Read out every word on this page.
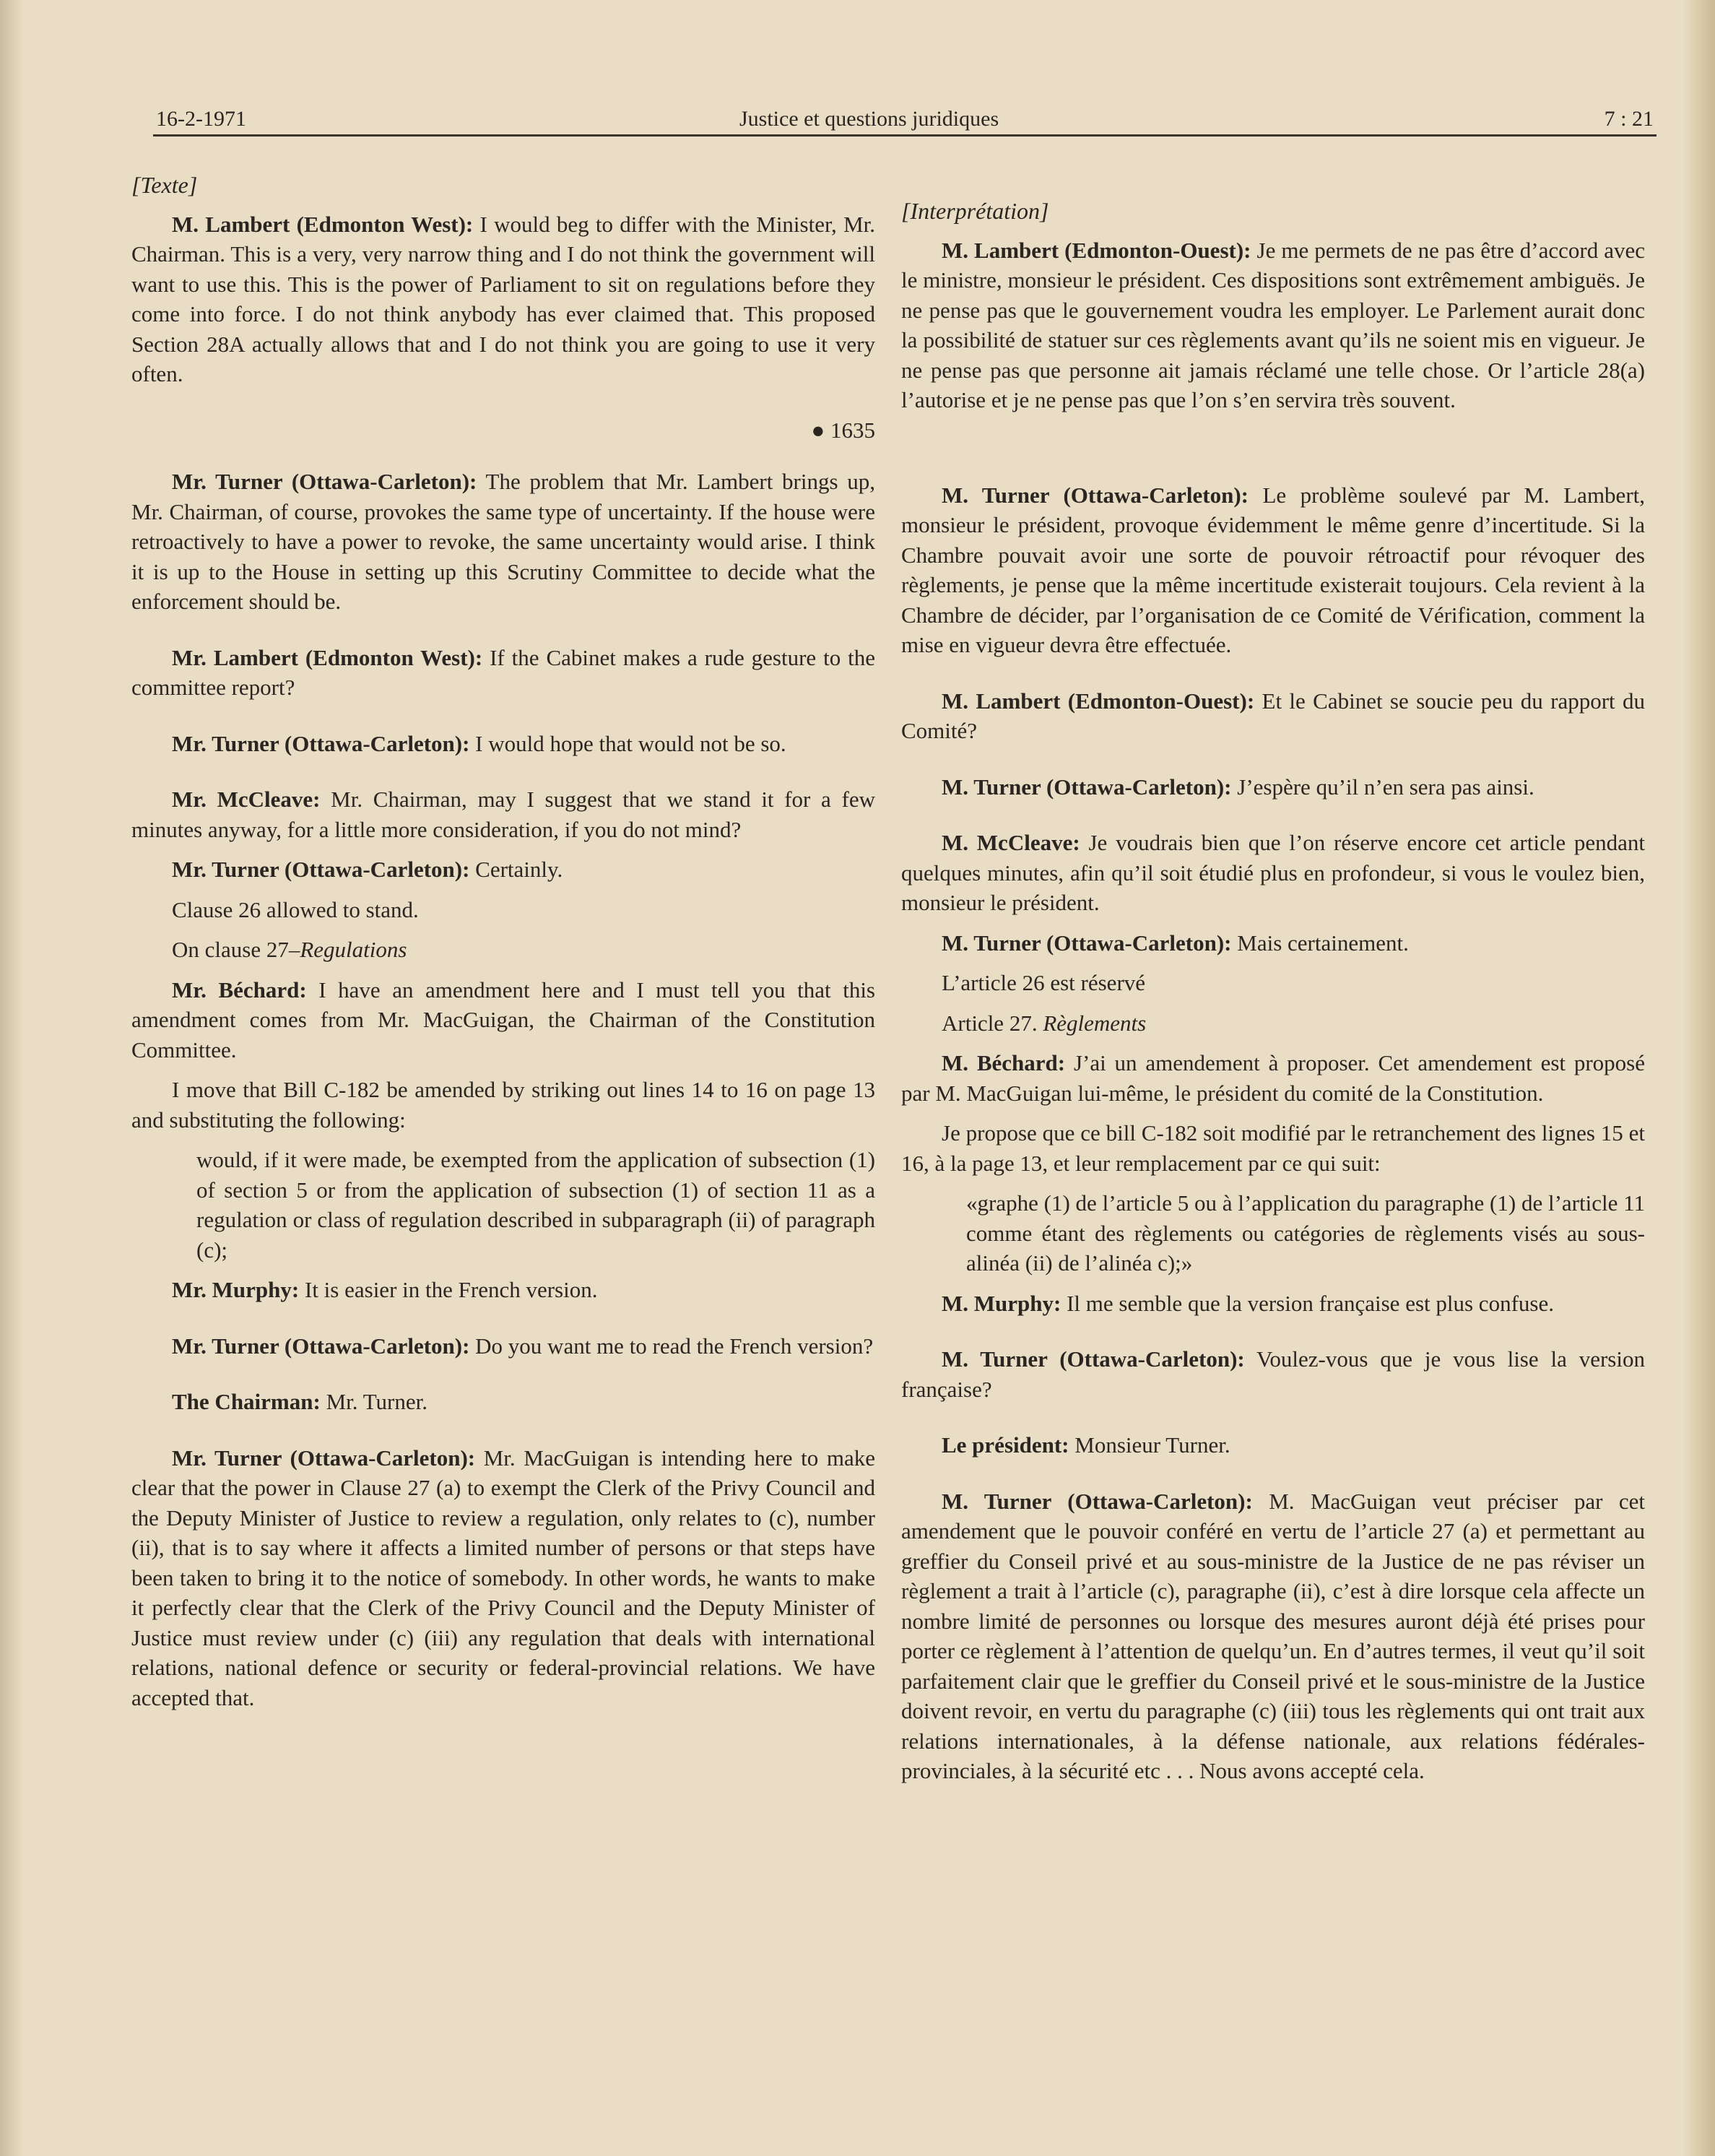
16-2-1971	Justice et questions juridiques	7 : 21

[Texte]

M. Lambert (Edmonton West): I would beg to differ with the Minister, Mr. Chairman. This is a very, very narrow thing and I do not think the government will want to use this. This is the power of Parliament to sit on regulations before they come into force. I do not think anybody has ever claimed that. This proposed Section 28A actually allows that and I do not think you are going to use it very often.

● 1635

Mr. Turner (Ottawa-Carleton): The problem that Mr. Lambert brings up, Mr. Chairman, of course, provokes the same type of uncertainty. If the house were retroactively to have a power to revoke, the same uncertainty would arise. I think it is up to the House in setting up this Scrutiny Committee to decide what the enforcement should be.

Mr. Lambert (Edmonton West): If the Cabinet makes a rude gesture to the committee report?

Mr. Turner (Ottawa-Carleton): I would hope that would not be so.

Mr. McCleave: Mr. Chairman, may I suggest that we stand it for a few minutes anyway, for a little more consideration, if you do not mind?

Mr. Turner (Ottawa-Carleton): Certainly.

Clause 26 allowed to stand.

On clause 27–Regulations

Mr. Béchard: I have an amendment here and I must tell you that this amendment comes from Mr. MacGuigan, the Chairman of the Constitution Committee.

I move that Bill C-182 be amended by striking out lines 14 to 16 on page 13 and substituting the following:

would, if it were made, be exempted from the application of subsection (1) of section 5 or from the application of subsection (1) of section 11 as a regulation or class of regulation described in subparagraph (ii) of paragraph (c);

Mr. Murphy: It is easier in the French version.

Mr. Turner (Ottawa-Carleton): Do you want me to read the French version?

The Chairman: Mr. Turner.

Mr. Turner (Ottawa-Carleton): Mr. MacGuigan is intending here to make clear that the power in Clause 27 (a) to exempt the Clerk of the Privy Council and the Deputy Minister of Justice to review a regulation, only relates to (c), number (ii), that is to say where it affects a limited number of persons or that steps have been taken to bring it to the notice of somebody. In other words, he wants to make it perfectly clear that the Clerk of the Privy Council and the Deputy Minister of Justice must review under (c) (iii) any regulation that deals with international relations, national defence or security or federal-provincial relations. We have accepted that.

[Interprétation]

M. Lambert (Edmonton-Ouest): Je me permets de ne pas être d’accord avec le ministre, monsieur le président. Ces dispositions sont extrêmement ambiguës. Je ne pense pas que le gouvernement voudra les employer. Le Parlement aurait donc la possibilité de statuer sur ces règlements avant qu’ils ne soient mis en vigueur. Je ne pense pas que personne ait jamais réclamé une telle chose. Or l’article 28(a) l’autorise et je ne pense pas que l’on s’en servira très souvent.

M. Turner (Ottawa-Carleton): Le problème soulevé par M. Lambert, monsieur le président, provoque évidemment le même genre d’incertitude. Si la Chambre pouvait avoir une sorte de pouvoir rétroactif pour révoquer des règlements, je pense que la même incertitude existerait toujours. Cela revient à la Chambre de décider, par l’organisation de ce Comité de Vérification, comment la mise en vigueur devra être effectuée.

M. Lambert (Edmonton-Ouest): Et le Cabinet se soucie peu du rapport du Comité?

M. Turner (Ottawa-Carleton): J’espère qu’il n’en sera pas ainsi.

M. McCleave: Je voudrais bien que l’on réserve encore cet article pendant quelques minutes, afin qu’il soit étudié plus en profondeur, si vous le voulez bien, monsieur le président.

M. Turner (Ottawa-Carleton): Mais certainement.

L’article 26 est réservé

Article 27. Règlements

M. Béchard: J’ai un amendement à proposer. Cet amendement est proposé par M. MacGuigan lui-même, le président du comité de la Constitution.

Je propose que ce bill C-182 soit modifié par le retranchement des lignes 15 et 16, à la page 13, et leur remplacement par ce qui suit:

«graphe (1) de l’article 5 ou à l’application du paragraphe (1) de l’article 11 comme étant des règlements ou catégories de règlements visés au sous-alinéa (ii) de l’alinéa c);»

M. Murphy: Il me semble que la version française est plus confuse.

M. Turner (Ottawa-Carleton): Voulez-vous que je vous lise la version française?

Le président: Monsieur Turner.

M. Turner (Ottawa-Carleton): M. MacGuigan veut préciser par cet amendement que le pouvoir conféré en vertu de l’article 27 (a) et permettant au greffier du Conseil privé et au sous-ministre de la Justice de ne pas réviser un règlement a trait à l’article (c), paragraphe (ii), c’est à dire lorsque cela affecte un nombre limité de personnes ou lorsque des mesures auront déjà été prises pour porter ce règlement à l’attention de quelqu’un. En d’autres termes, il veut qu’il soit parfaitement clair que le greffier du Conseil privé et le sous-ministre de la Justice doivent revoir, en vertu du paragraphe (c) (iii) tous les règlements qui ont trait aux relations internationales, à la défense nationale, aux relations fédérales-provinciales, à la sécurité etc . . . Nous avons accepté cela.
